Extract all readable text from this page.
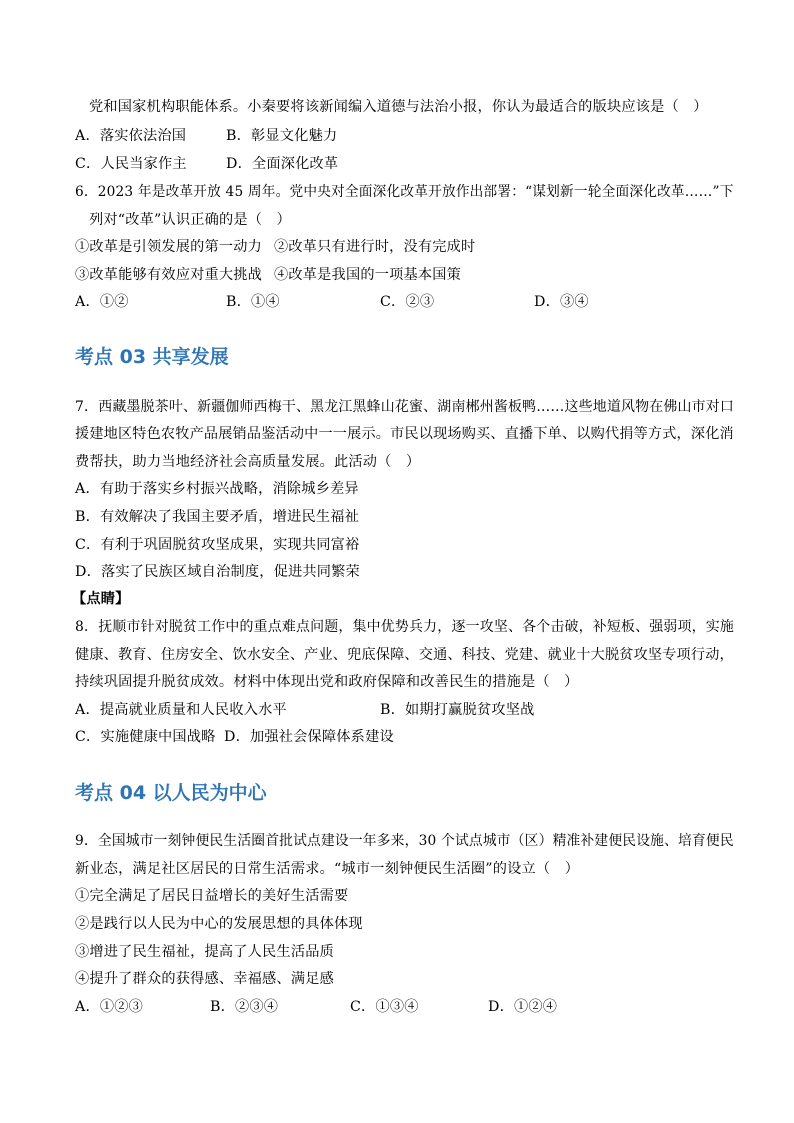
党和国家机构职能体系。小秦要将该新闻编入道德与法治小报，你认为最适合的版块应该是（　）
A．落实依法治国	B．彰显文化魅力
C．人民当家作主	D．全面深化改革
6．2023 年是改革开放 45 周年。党中央对全面深化改革开放作出部署：“谋划新一轮全面深化改革……”下
列对“改革”认识正确的是（　）
①改革是引领发展的第一动力 ②改革只有进行时，没有完成时
③改革能够有效应对重大挑战 ④改革是我国的一项基本国策
A．①②	B．①④	C．②③	D．③④
考点 03 共享发展
7．西藏墨脱茶叶、新疆伽师西梅干、黑龙江黑蜂山花蜜、湖南郴州酱板鸭……这些地道风物在佛山市对口
援建地区特色农牧产品展销品鉴活动中一一展示。市民以现场购买、直播下单、以购代捐等方式，深化消
费帮扶，助力当地经济社会高质量发展。此活动（　）
A．有助于落实乡村振兴战略，消除城乡差异
B．有效解决了我国主要矛盾，增进民生福祉
C．有利于巩固脱贫攻坚成果，实现共同富裕
D．落实了民族区域自治制度，促进共同繁荣
【点睛】
8．抚顺市针对脱贫工作中的重点难点问题，集中优势兵力，逐一攻坚、各个击破，补短板、强弱项，实施
健康、教育、住房安全、饮水安全、产业、兜底保障、交通、科技、党建、就业十大脱贫攻坚专项行动，
持续巩固提升脱贫成效。材料中体现出党和政府保障和改善民生的措施是（　）
A．提高就业质量和人民收入水平	B．如期打赢脱贫攻坚战
C．实施健康中国战略 D．加强社会保障体系建设
考点 04 以人民为中心
9．全国城市一刻钟便民生活圈首批试点建设一年多来，30 个试点城市（区）精准补建便民设施、培育便民
新业态，满足社区居民的日常生活需求。“城市一刻钟便民生活圈”的设立（　）
①完全满足了居民日益增长的美好生活需要
②是践行以人民为中心的发展思想的具体体现
③增进了民生福祉，提高了人民生活品质
④提升了群众的获得感、幸福感、满足感
A．①②③	B．②③④	C．①③④	D．①②④
